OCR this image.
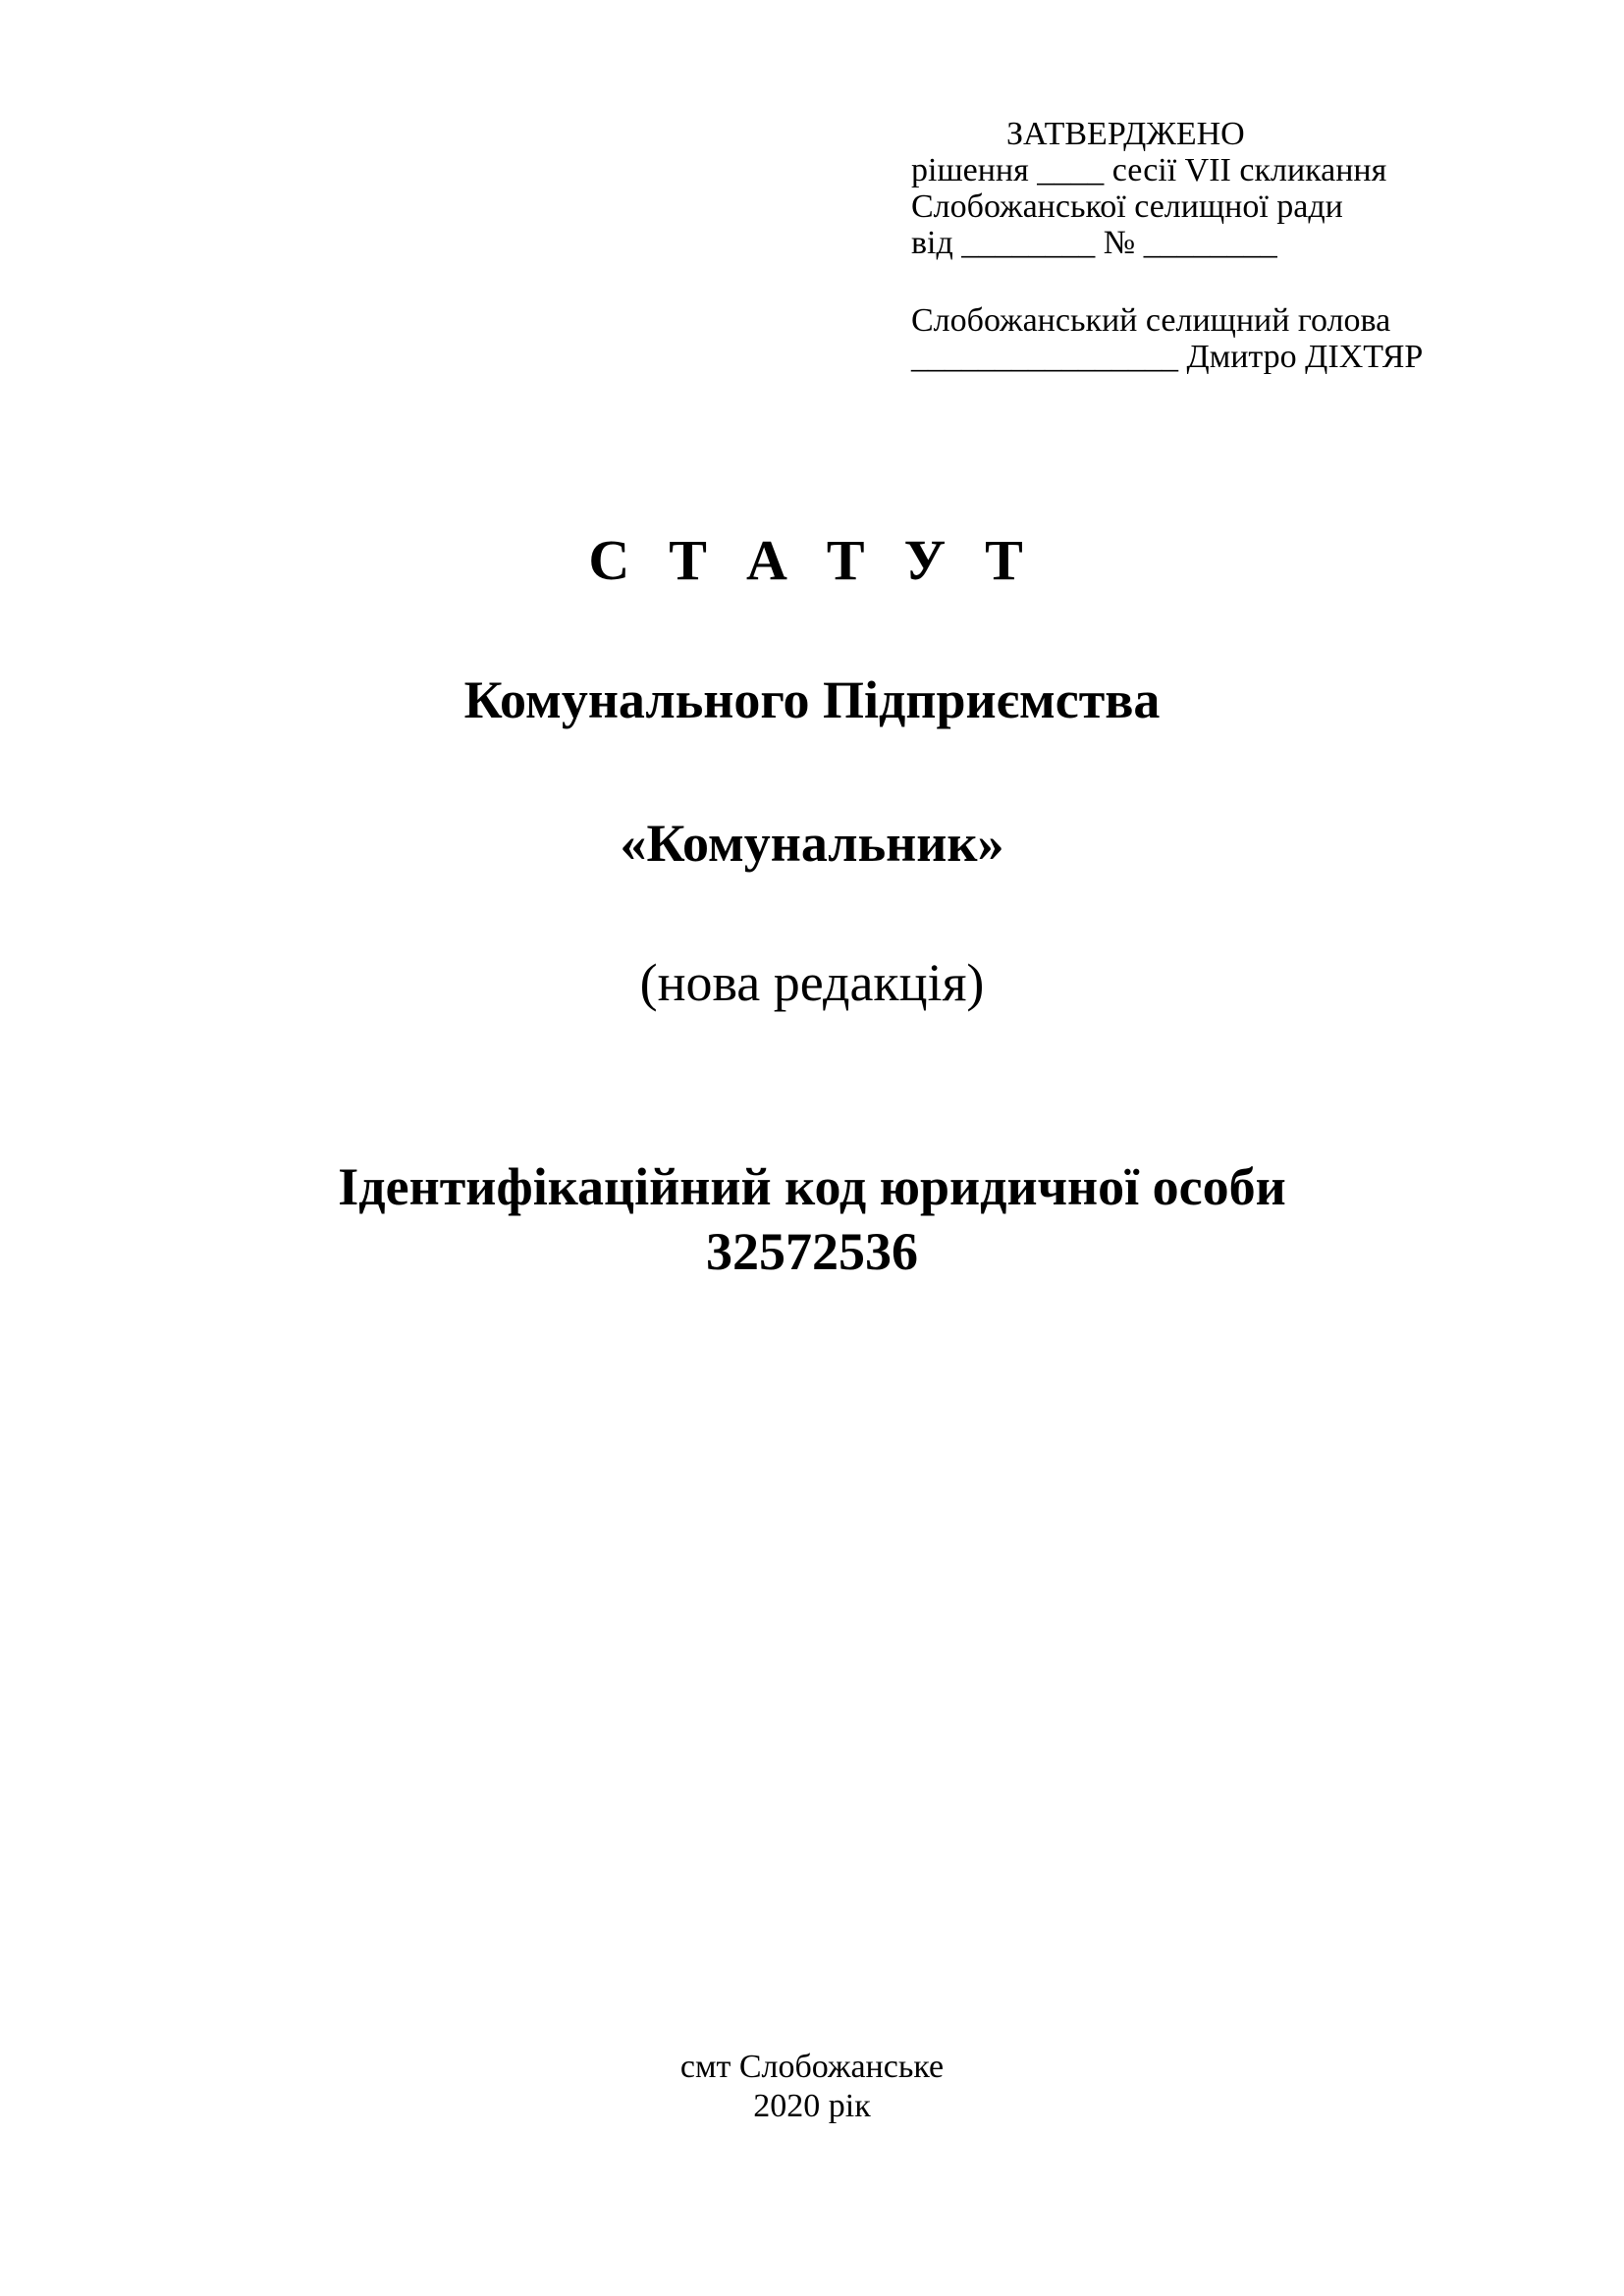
ЗАТВЕРДЖЕНО
рішення ____ сесії VII скликання
Слобожанської селищної ради
від ________ № ________
Слобожанський селищний голова
________________ Дмитро ДІХТЯР
С Т А Т У Т
Комунального Підприємства
«Комунальник»
(нова редакція)
Ідентифікаційний код юридичної особи
32572536
смт Слобожанське
2020 рік
